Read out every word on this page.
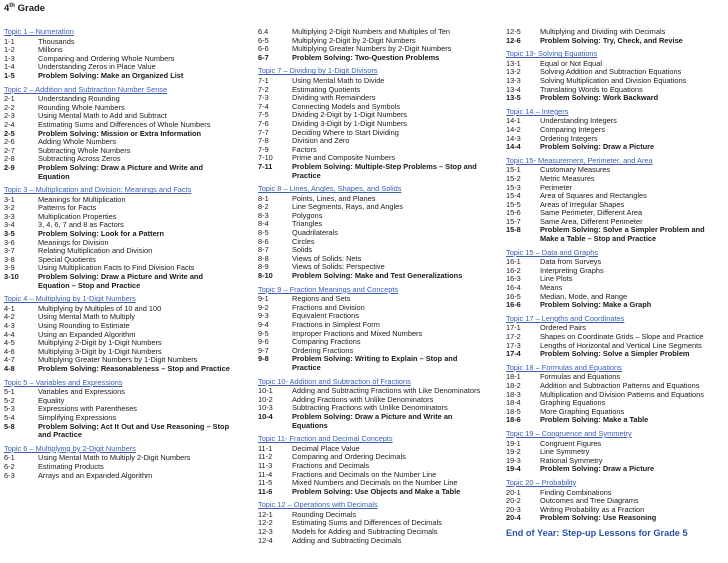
4th Grade
Topic 1 – Numeration
1-1	Thousands
1-2	Millions
1-3	Comparing and Ordering Whole Numbers
1-4	Understanding Zeros in Place Value
1-5	Problem Solving: Make an Organized List
Topic 2 – Addition and Subtraction Number Sense
2-1	Understanding Rounding
2-2	Rounding Whole Numbers
2-3	Using Mental Math to Add and Subtract
2-4	Estimating Sums and Differences of Whole Numbers
2-5	Problem Solving: Mission or Extra Information
2-6	Adding Whole Numbers
2-7	Subtracting Whole Numbers
2-8	Subtracting Across Zeros
2-9	Problem Solving: Draw a Picture and Write and Equation
Topic 3 – Multiplication and Division: Meanings and Facts
3-1	Meanings for Multiplication
3-2	Patterns for Facts
3-3	Multiplication Properties
3-4	3, 4, 6, 7 and 8 as Factors
3-5	Problem Solving: Look for a Pattern
3-6	Meanings for Division
3-7	Relating Multiplication and Division
3-8	Special Quotients
3-9	Using Multiplication Facts to Find Division Facts
3-10	Problem Solving: Draw a Picture and Write and Equation – Stop and Practice
Topic 4 – Multiplying by 1-Digit Numbers
4-1	Multiplying by Multiples of 10 and 100
4-2	Using Mental Math to Multiply
4-3	Using Rounding to Estimate
4-4	Using an Expanded Algorithm
4-5	Multiplying 2-Digit by 1-Digit Numbers
4-6	Multiplying 3-Digit by 1-Digit Numbers
4-7	Multiplying Greater Numbers by 1-Digit Numbers
4-8	Problem Solving: Reasonableness – Stop and Practice
Topic 5 – Variables and Expressions
5-1	Variables and Expressions
5-2	Equality
5-3	Expressions with Parentheses
5-4	Simplifying Expressions
5-8	Problem Solving: Act It Out and Use Reasoning – Stop and Practice
Topic 6 – Multiplying by 2-Digit Numbers
6-1	Using Mental Math to Multiply 2-Digit Numbers
6-2	Estimating Products
6-3	Arrays and an Expanded Algorithm
6.4	Multiplying 2-Digit Numbers and Multiples of Ten
6-5	Multiplying 2-Digit by 2-Digit Numbers
6-6	Multiplying Greater Numbers by 2-Digit Numbers
6-7	Problem Solving: Two-Question Problems
Topic 7 – Dividing by 1-Digit Divisors
7-1	Using Mental Math to Divide
7-2	Estimating Quotients
7-3	Dividing with Remainders
7-4	Connecting Models and Symbols
7-5	Dividing 2-Digit by 1-Digit Numbers
7-6	Dividing 3-Digit by 1-Digit Numbers
7-7	Deciding Where to Start Dividing
7-8	Division and Zero
7-9	Factors
7-10	Prime and Composite Numbers
7-11	Problem Solving: Multiple-Step Problems – Stop and Practice
Topic 8 – Lines, Angles, Shapes, and Solids
8-1	Points, Lines, and Planes
8-2	Line Segments, Rays, and Angles
8-3	Polygons
8-4	Triangles
8-5	Quadrilaterals
8-6	Circles
8-7	Solids
8-8	Views of Solids: Nets
8-9	Views of Solids: Perspective
8-10	Problem Solving: Make and Test Generalizations
Topic 9 – Fraction Meanings and Concepts
9-1	Regions and Sets
9-2	Fractions and Division
9-3	Equivalent Fractions
9-4	Fractions in Simplest Form
9-5	Improper Fractions and Mixed Numbers
9-6	Comparing Fractions
9-7	Ordering Fractions
9-8	Problem Solving: Writing to Explain – Stop and Practice
Topic 10- Addition and Subtraction of Fractions
10-1	Adding and Subtracting Fractions with Like Denominators
10-2	Adding Fractions with Unlike Denominators
10-3	Subtracting Fractions with Unlike Denominators
10-4	Problem Solving: Draw a Picture and Write an Equations
Topic 11- Fraction and Decimal Concepts
11-1	Decimal Place Value
11-2	Comparing and Ordering Decimals
11-3	Fractions and Decimals
11-4	Fractions and Decimals on the Number Line
11-5	Mixed Numbers and Decimals on the Number Line
11-6	Problem Solving: Use Objects and Make a Table
Topic 12 – Operations with Decimals
12-1	Rounding Decimals
12-2	Estimating Sums and Differences of Decimals
12-3	Models for Adding and Subtracting Decimals
12-4	Adding and Subtracting Decimals
12-5	Multiplying and Dividing with Decimals
12-6	Problem Solving: Try, Check, and Revise
Topic 13- Solving Equations
13-1	Equal or Not Equal
13-2	Solving Addition and Subtraction Equations
13-3	Solving Multiplication and Division Equations
13-4	Translating Words to Equations
13-5	Problem Solving: Work Backward
Topic 14 – Integers
14-1	Understanding Integers
14-2	Comparing Integers
14-3	Ordering Integers
14-4	Problem Solving: Draw a Picture
Topic 15- Measurement, Perimeter, and Area
15-1	Customary Measures
15-2	Metric Measures
15-3	Perimeter
15-4	Area of Squares and Rectangles
15-5	Areas of Irregular Shapes
15-6	Same Perimeter, Different Area
15-7	Same Area, Different Perimeter
15-8	Problem Solving: Solve a Simpler Problem and Make a Table – Stop and Practice
Topic 15 – Data and Graphs
16-1	Data from Surveys
16-2	Interpreting Graphs
16-3	Line Plots
16-4	Means
16-5	Median, Mode, and Range
16-6	Problem Solving: Make a Graph
Topic 17 – Lengths and Coordinates
17-1	Ordered Pairs
17-2	Shapes on Coordinate Grids – Slope and Practice
17-3	Lengths of Horizontal and Vertical Line Segments
17-4	Problem Solving: Solve a Simpler Problem
Topic 18 – Formulas and Equations
18-1	Formulas and Equations
18-2	Addition and Subtraction Patterns and Equations
18-3	Multiplication and Division Patterns and Equations
18-4	Graphing Equations
18-5	More Graphing Equations
18-6	Problem Solving: Make a Table
Topic 19 – Congruence and Symmetry
19-1	Congruent Figures
19-2	Line Symmetry
19-3	Rational Symmetry
19-4	Problem Solving: Draw a Picture
Topic 20 – Probability
20-1	Finding Combinations
20-2	Outcomes and Tree Diagrams
20-3	Writing Probability as a Fraction
20-4	Problem Solving: Use Reasoning
End of Year: Step-up Lessons for Grade 5
